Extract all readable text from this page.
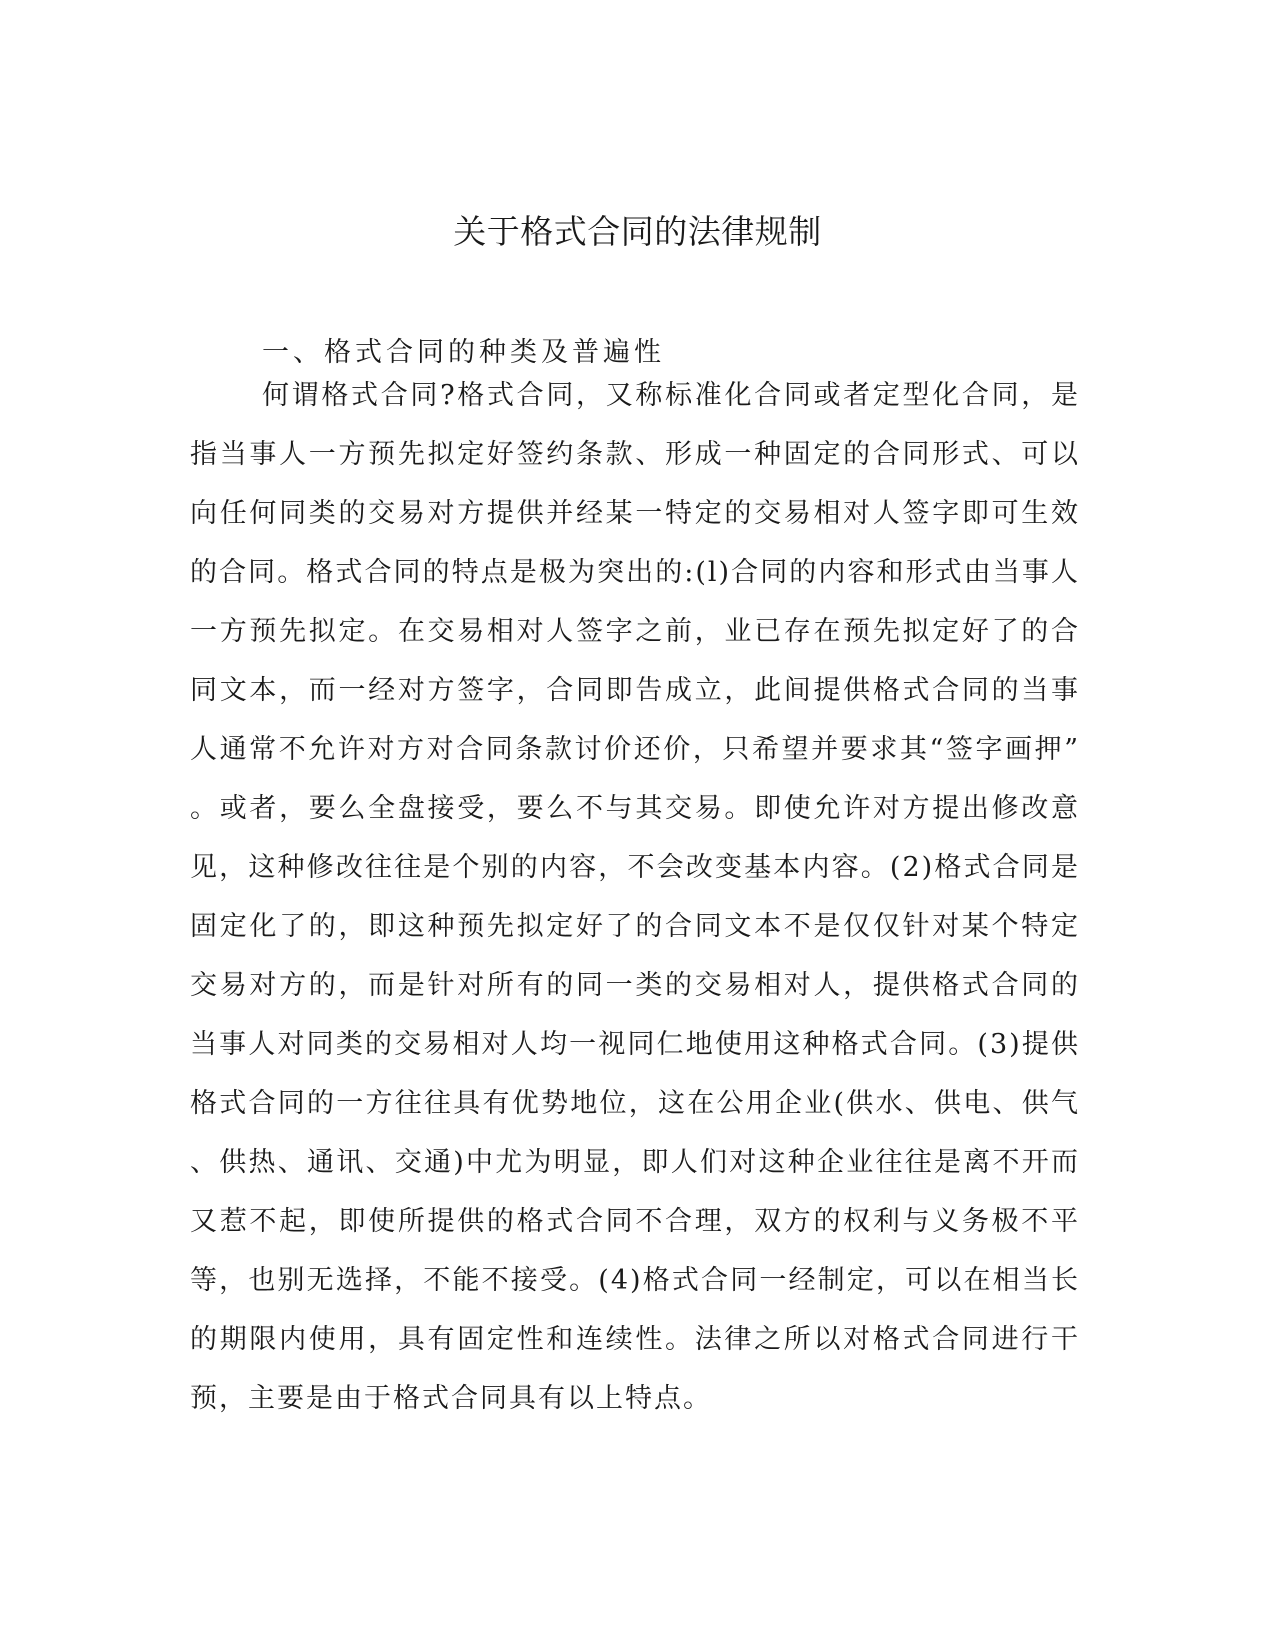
关于格式合同的法律规制
一、格式合同的种类及普遍性
何谓格式合同?格式合同，又称标准化合同或者定型化合同，是
指当事人一方预先拟定好签约条款、形成一种固定的合同形式、可以
向任何同类的交易对方提供并经某一特定的交易相对人签字即可生效
的合同。格式合同的特点是极为突出的:(l)合同的内容和形式由当事人
一方预先拟定。在交易相对人签字之前，业已存在预先拟定好了的合
同文本，而一经对方签字，合同即告成立，此间提供格式合同的当事
人通常不允许对方对合同条款讨价还价，只希望并要求其“签字画押”
。或者，要么全盘接受，要么不与其交易。即使允许对方提出修改意
见，这种修改往往是个别的内容，不会改变基本内容。(2)格式合同是
固定化了的，即这种预先拟定好了的合同文本不是仅仅针对某个特定
交易对方的，而是针对所有的同一类的交易相对人，提供格式合同的
当事人对同类的交易相对人均一视同仁地使用这种格式合同。(3)提供
格式合同的一方往往具有优势地位，这在公用企业(供水、供电、供气
、供热、通讯、交通)中尤为明显，即人们对这种企业往往是离不开而
又惹不起，即使所提供的格式合同不合理，双方的权利与义务极不平
等，也别无选择，不能不接受。(4)格式合同一经制定，可以在相当长
的期限内使用，具有固定性和连续性。法律之所以对格式合同进行干
预，主要是由于格式合同具有以上特点。
